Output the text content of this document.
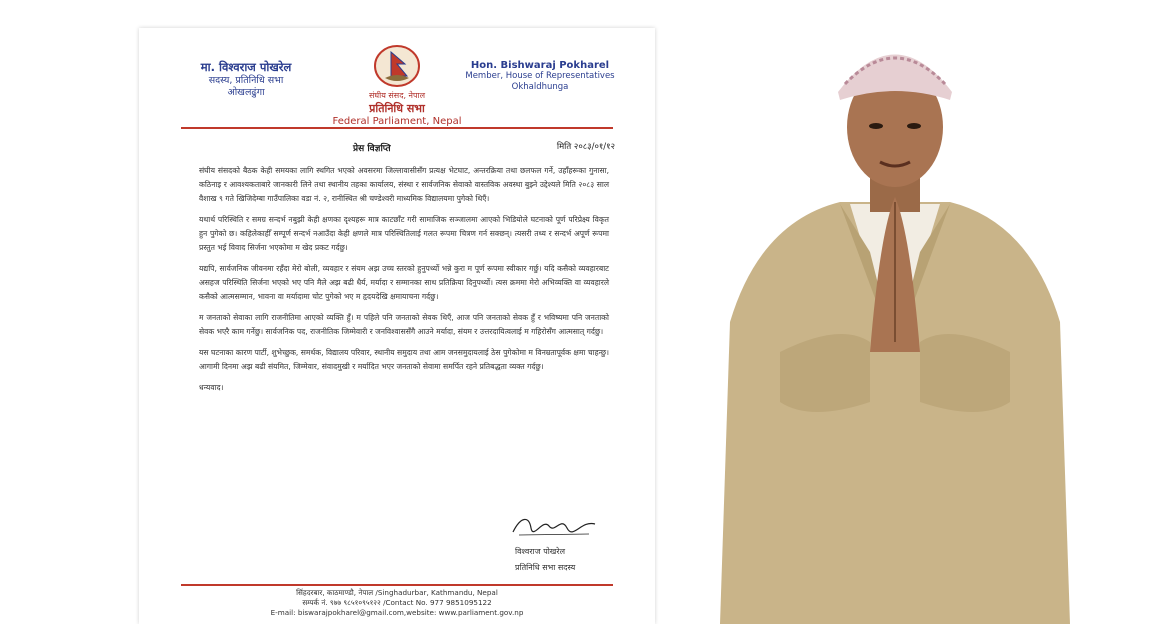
मा. विश्वराज पोखरेल
सदस्य, प्रतिनिधि सभा
ओखलढुंगा	संघीय संसद, नेपाल
प्रतिनिधि सभा
Federal Parliament, Nepal
Hon. Bishwaraj Pokharel
Member, House of Representatives
Okhaldhunga
प्रेस विज्ञप्ति	मिति २०८३/०१/१२

संघीय संसदको बैठक केही समयका लागि स्थगित भएको अवसरमा जिल्लावासीसँग प्रत्यक्ष भेटघाट, अन्तरक्रिया तथा छलफल गर्ने, उहाँहरूका गुनासा, कठिनाइ र आवश्यकताबारे जानकारी लिने तथा स्थानीय तहका कार्यालय, संस्था र सार्वजनिक सेवाको वास्तविक अवस्था बुझ्ने उद्देश्यले मिति २०८३ साल वैशाख ९ गते खिजिदेम्बा गाउँपालिका वडा नं. २, रानीस्थित श्री चण्डेश्वरी माध्यमिक विद्यालयमा पुगेको थिएँ।

यथार्थ परिस्थिति र समग्र सन्दर्भ नबुझी केही क्षणका दृश्यहरू मात्र काटछाँट गरी सामाजिक सञ्जालमा आएको भिडियोले घटनाको पूर्ण परिप्रेक्ष्य विकृत हुन पुगेको छ। कहिलेकाहीँ सम्पूर्ण सन्दर्भ नआउँदा केही क्षणले मात्र परिस्थितिलाई गलत रूपमा चित्रण गर्न सक्छन्। त्यसरी तथ्य र सन्दर्भ अपूर्ण रूपमा प्रस्तुत भई विवाद सिर्जना भएकोमा म खेद प्रकट गर्दछु।

यद्यपि, सार्वजनिक जीवनमा रहँदा मेरो बोली, व्यवहार र संयम अझ उच्च स्तरको हुनुपर्थ्यो भन्ने कुरा म पूर्ण रूपमा स्वीकार गर्छु। यदि कसैको व्यवहारबाट असहज परिस्थिति सिर्जना भएको भए पनि मैले अझ बढी धैर्य, मर्यादा र सम्मानका साथ प्रतिक्रिया दिनुपर्थ्यो। त्यस क्रममा मेरो अभिव्यक्ति वा व्यवहारले कसैको आत्मसम्मान, भावना वा मर्यादामा चोट पुगेको भए म हृदयदेखि क्षमायाचना गर्दछु।

म जनताको सेवाका लागि राजनीतिमा आएको व्यक्ति हुँ। म पहिले पनि जनताको सेवक थिएँ, आज पनि जनताको सेवक हुँ र भविष्यमा पनि जनताको सेवक भएरै काम गर्नेछु। सार्वजनिक पद, राजनीतिक जिम्मेवारी र जनविश्वाससँगै आउने मर्यादा, संयम र उत्तरदायित्वलाई म गहिरोसँग आत्मसात् गर्दछु।

यस घटनाका कारण पार्टी, शुभेच्छुक, समर्थक, विद्यालय परिवार, स्थानीय समुदाय तथा आम जनसमुदायलाई ठेस पुगेकोमा म विनम्रतापूर्वक क्षमा चाहन्छु। आगामी दिनमा अझ बढी संयमित, जिम्मेवार, संवादमुखी र मर्यादित भएर जनताको सेवामा समर्पित रहने प्रतिबद्धता व्यक्त गर्दछु।

धन्यवाद।

विश्वराज पोखरेल
प्रतिनिधि सभा सदस्य
सिंहदरबार, काठमाण्डौ, नेपाल /Singhadurbar, Kathmandu, Nepal
सम्पर्क नं. ९७७ ९८५१०९५१२२ /Contact No. 977 9851095122
E-mail: biswarajpokharel@gmail.com,website: www.parliament.gov.np
